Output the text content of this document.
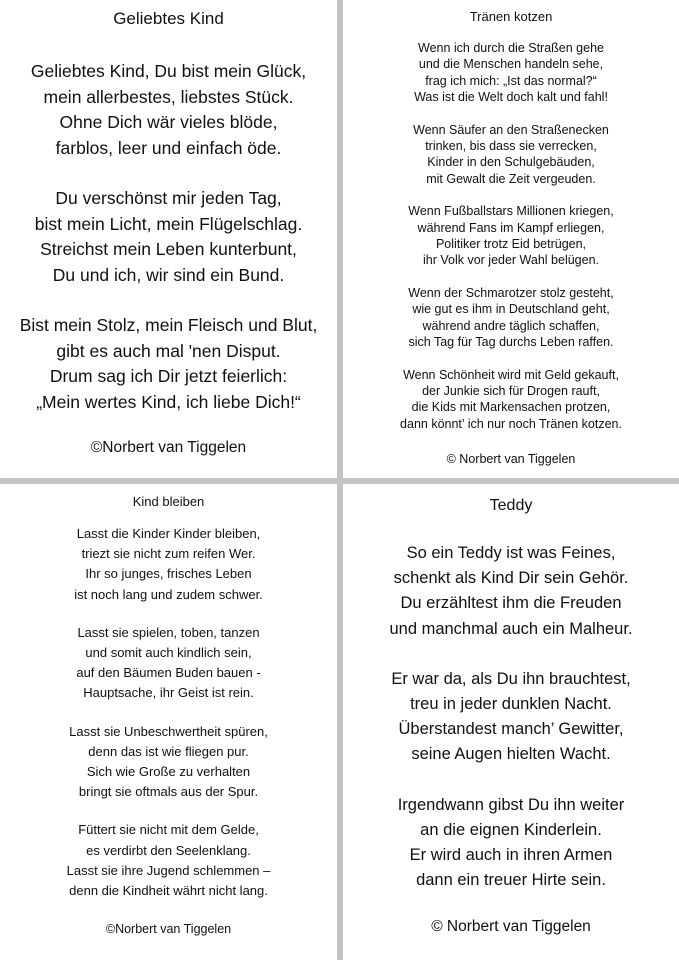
Geliebtes Kind
Geliebtes Kind, Du bist mein Glück,
mein allerbestes, liebstes Stück.
Ohne Dich wär vieles blöde,
farblos, leer und einfach öde.
Du verschönst mir jeden Tag,
bist mein Licht, mein Flügelschlag.
Streichst mein Leben kunterbunt,
Du und ich, wir sind ein Bund.
Bist mein Stolz, mein Fleisch und Blut,
gibt es auch mal 'nen Disput.
Drum sag ich Dir jetzt feierlich:
„Mein wertes Kind, ich liebe Dich!“
©Norbert van Tiggelen
Tränen kotzen
Wenn ich durch die Straßen gehe
und die Menschen handeln sehe,
frag ich mich: „Ist das normal?“
Was ist die Welt doch kalt und fahl!
Wenn Säufer an den Straßenecken
trinken, bis dass sie verrecken,
Kinder in den Schulgebäuden,
mit Gewalt die Zeit vergeuden.
Wenn Fußballstars Millionen kriegen,
während Fans im Kampf erliegen,
Politiker trotz Eid betrügen,
ihr Volk vor jeder Wahl belügen.
Wenn der Schmarotzer stolz gesteht,
wie gut es ihm in Deutschland geht,
während andre täglich schaffen,
sich Tag für Tag durchs Leben raffen.
Wenn Schönheit wird mit Geld gekauft,
der Junkie sich für Drogen rauft,
die Kids mit Markensachen protzen,
dann könnt’ ich nur noch Tränen kotzen.
© Norbert van Tiggelen
Kind bleiben
Lasst die Kinder Kinder bleiben,
triezt sie nicht zum reifen Wer.
Ihr so junges, frisches Leben
ist noch lang und zudem schwer.
Lasst sie spielen, toben, tanzen
und somit auch kindlich sein,
auf den Bäumen Buden bauen -
Hauptsache, ihr Geist ist rein.
Lasst sie Unbeschwertheit spüren,
denn das ist wie fliegen pur.
Sich wie Große zu verhalten
bringt sie oftmals aus der Spur.
Füttert sie nicht mit dem Gelde,
es verdirbt den Seelenklang.
Lasst sie ihre Jugend schlemmen –
denn die Kindheit währt nicht lang.
©Norbert van Tiggelen
Teddy
So ein Teddy ist was Feines,
schenkt als Kind Dir sein Gehör.
Du erzähltest ihm die Freuden
und manchmal auch ein Malheur.
Er war da, als Du ihn brauchtest,
treu in jeder dunklen Nacht.
Überstandest manch’ Gewitter,
seine Augen hielten Wacht.
Irgendwann gibst Du ihn weiter
an die eignen Kinderlein.
Er wird auch in ihren Armen
dann ein treuer Hirte sein.
© Norbert van Tiggelen
